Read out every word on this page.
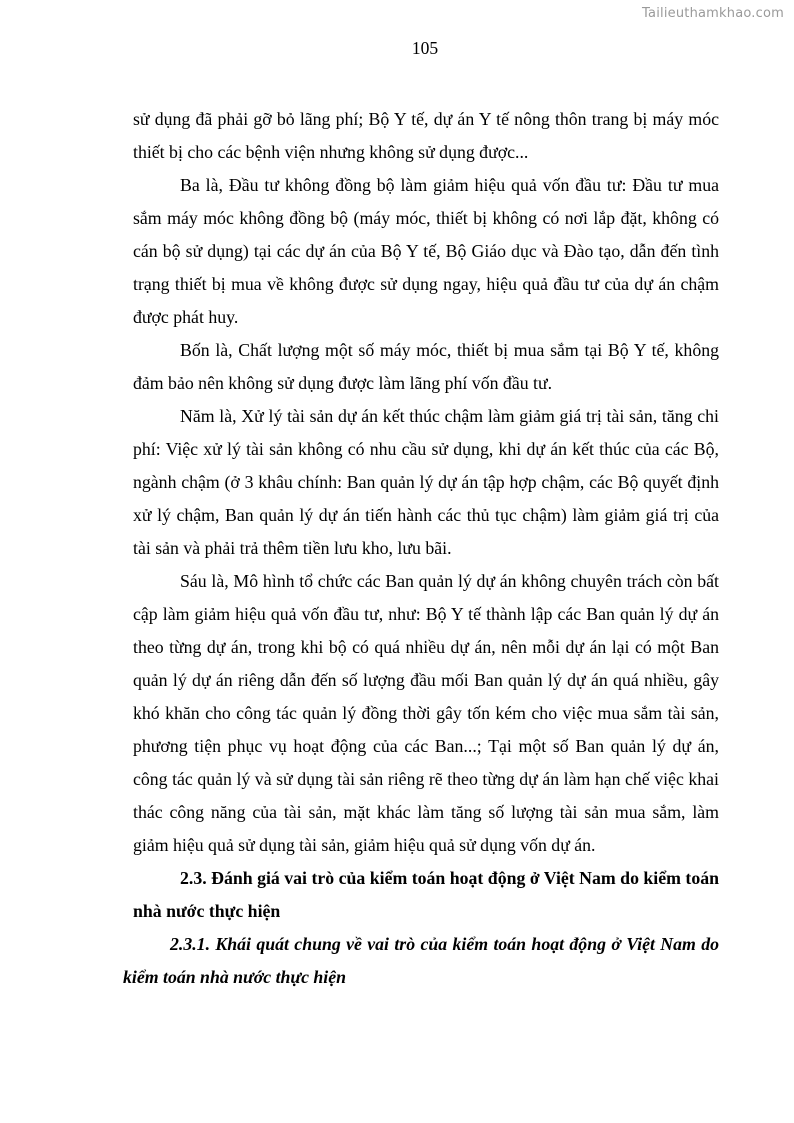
Tailieuthamkhao.com
105

sử dụng đã phải gỡ bỏ lãng phí; Bộ Y tế, dự án Y tế nông thôn trang bị máy móc thiết bị cho các bệnh viện nhưng không sử dụng được...

Ba là, Đầu tư không đồng bộ làm giảm hiệu quả vốn đầu tư: Đầu tư mua sắm máy móc không đồng bộ (máy móc, thiết bị không có nơi lắp đặt, không có cán bộ sử dụng) tại các dự án của Bộ Y tế, Bộ Giáo dục và Đào tạo, dẫn đến tình trạng thiết bị mua về không được sử dụng ngay, hiệu quả đầu tư của dự án chậm được phát huy.

Bốn là, Chất lượng một số máy móc, thiết bị mua sắm tại Bộ Y tế, không đảm bảo nên không sử dụng được làm lãng phí vốn đầu tư.

Năm là, Xử lý tài sản dự án kết thúc chậm làm giảm giá trị tài sản, tăng chi phí: Việc xử lý tài sản không có nhu cầu sử dụng, khi dự án kết thúc của các Bộ, ngành chậm (ở 3 khâu chính: Ban quản lý dự án tập hợp chậm, các Bộ quyết định xử lý chậm, Ban quản lý dự án tiến hành các thủ tục chậm) làm giảm giá trị của tài sản và phải trả thêm tiền lưu kho, lưu bãi.

Sáu là, Mô hình tổ chức các Ban quản lý dự án không chuyên trách còn bất cập làm giảm hiệu quả vốn đầu tư, như: Bộ Y tế thành lập các Ban quản lý dự án theo từng dự án, trong khi bộ có quá nhiều dự án, nên mỗi dự án lại có một Ban quản lý dự án riêng dẫn đến số lượng đầu mối Ban quản lý dự án quá nhiều, gây khó khăn cho công tác quản lý đồng thời gây tốn kém cho việc mua sắm tài sản, phương tiện phục vụ hoạt động của các Ban...; Tại một số Ban quản lý dự án, công tác quản lý và sử dụng tài sản riêng rẽ theo từng dự án làm hạn chế việc khai thác công năng của tài sản, mặt khác làm tăng số lượng tài sản mua sắm, làm giảm hiệu quả sử dụng tài sản, giảm hiệu quả sử dụng vốn dự án.

2.3. Đánh giá vai trò của kiểm toán hoạt động ở Việt Nam do kiểm toán nhà nước thực hiện

2.3.1. Khái quát chung về vai trò của kiểm toán hoạt động ở Việt Nam do kiểm toán nhà nước thực hiện
